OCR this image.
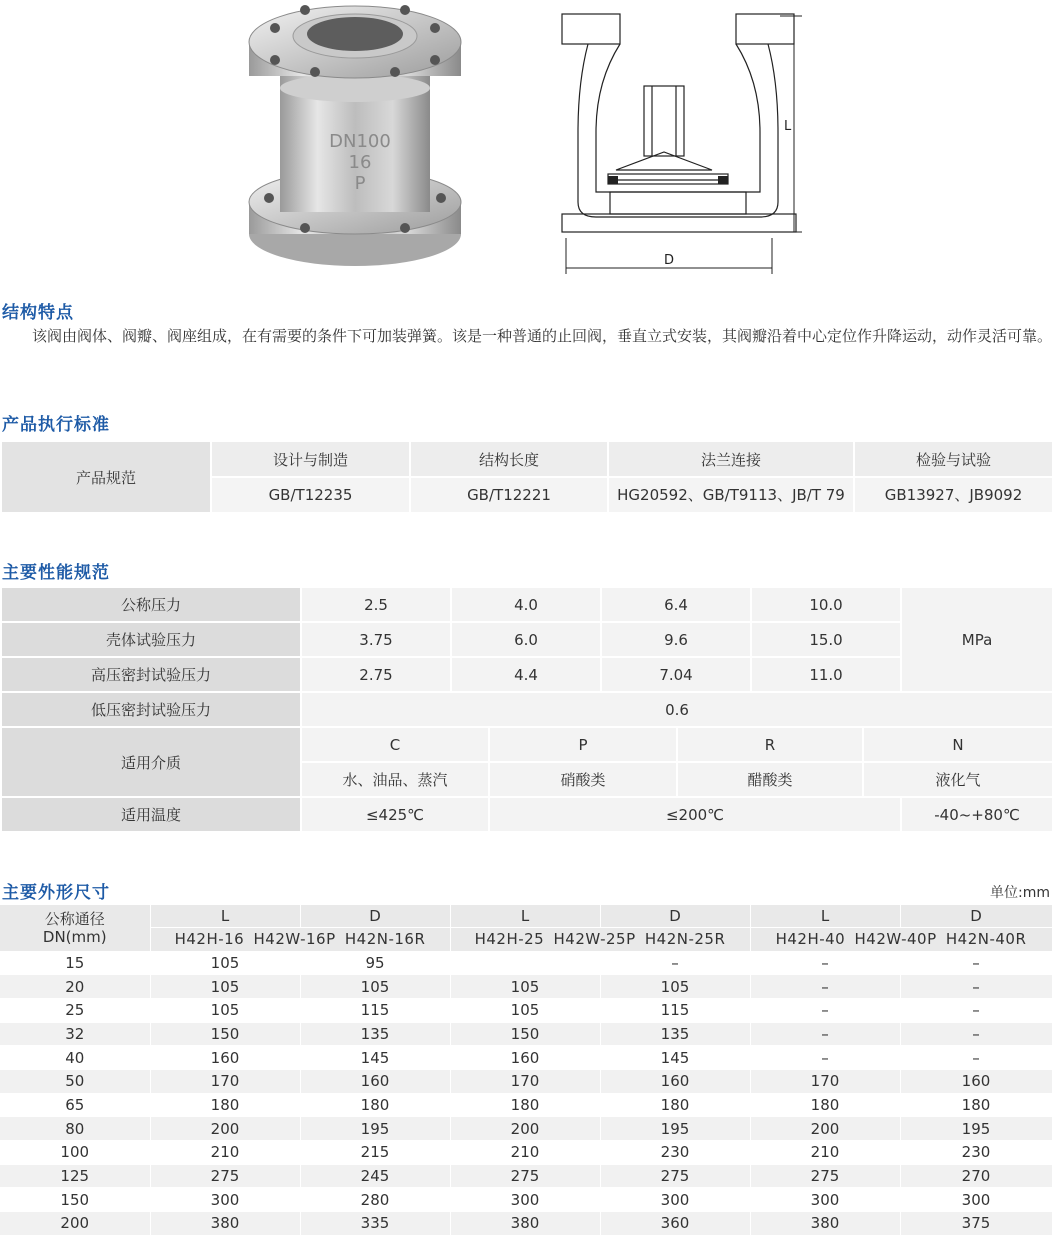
DN100
16
P
L
D
结构特点
该阀由阀体、阀瓣、阀座组成，在有需要的条件下可加装弹簧。该是一种普通的止回阀，垂直立式安装，其阀瓣沿着中心定位作升降运动，动作灵活可靠。
产品执行标准
产品规范	设计与制造	结构长度	法兰连接	检验与试验
	GB/T12235	GB/T12221	HG20592、GB/T9113、JB/T 79	GB13927、JB9092
主要性能规范
公称压力	2.5	4.0		6.4		10.0		MPa
壳体试验压力	3.75	6.0		9.6		15.0		
高压密封试验压力	2.75	4.4		7.04		11.0		
低压密封试验压力	0.6							
适用介质	C		P		R		N	
	水、油品、蒸汽		硝酸类		醋酸类		液化气	
适用温度	≤425℃		≤200℃					-40~+80℃
主要外形尺寸	单位:mm
公称通径
DN(mm)	L	D	L	D	L	D
	H42H-16 H42W-16P H42N-16R		H42H-25 H42W-25P H42N-25R		H42H-40 H42W-40P H42N-40R	
15	105	95		–	–	–
20	105	105	105	105	–	–
25	105	115	105	115	–	–
32	150	135	150	135	–	–
40	160	145	160	145	–	–
50	170	160	170	160	170	160
65	180	180	180	180	180	180
80	200	195	200	195	200	195
100	210	215	210	230	210	230
125	275	245	275	275	275	270
150	300	280	300	300	300	300
200	380	335	380	360	380	375
